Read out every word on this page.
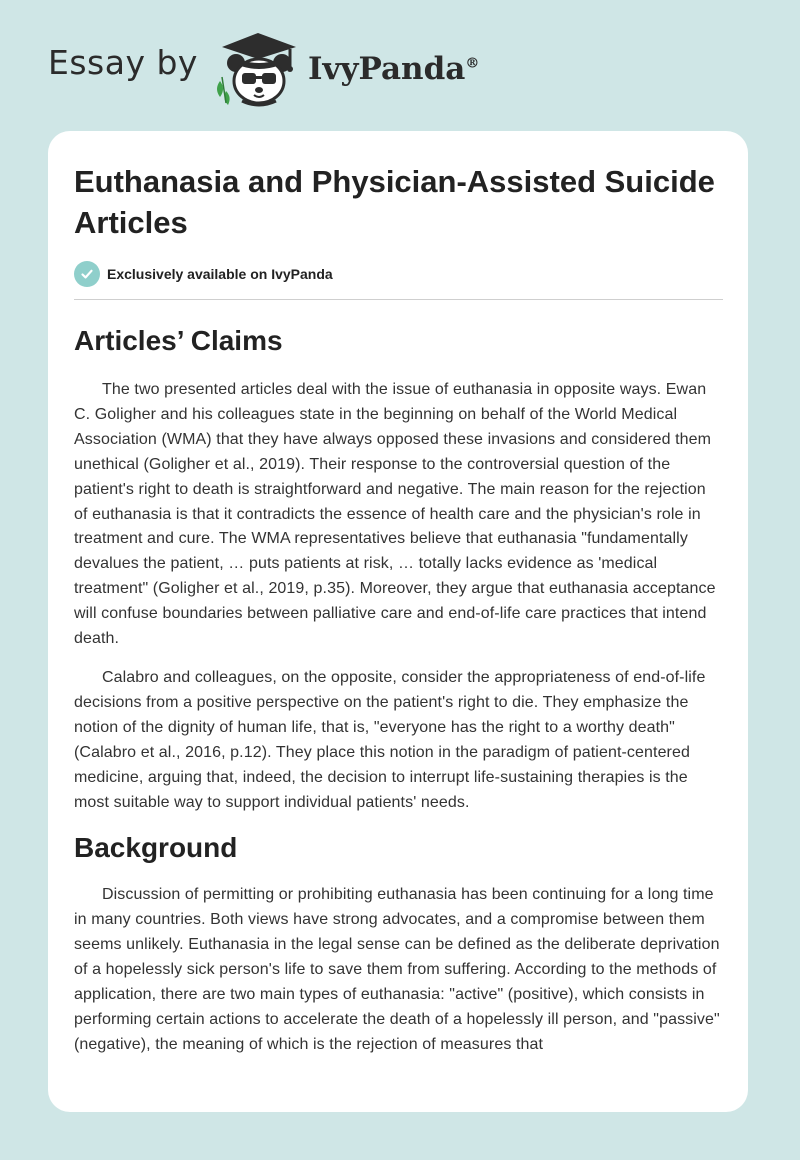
Essay by	IvyPanda®
Euthanasia and Physician-Assisted Suicide Articles
Exclusively available on IvyPanda
Articles’ Claims

The two presented articles deal with the issue of euthanasia in opposite ways. Ewan C. Goligher and his colleagues state in the beginning on behalf of the World Medical Association (WMA) that they have always opposed these invasions and considered them unethical (Goligher et al., 2019). Their response to the controversial question of the patient's right to death is straightforward and negative. The main reason for the rejection of euthanasia is that it contradicts the essence of health care and the physician's role in treatment and cure. The WMA representatives believe that euthanasia "fundamentally devalues the patient, … puts patients at risk, … totally lacks evidence as 'medical treatment" (Goligher et al., 2019, p.35). Moreover, they argue that euthanasia acceptance will confuse boundaries between palliative care and end-of-life care practices that intend death.

Calabro and colleagues, on the opposite, consider the appropriateness of end-of-life decisions from a positive perspective on the patient's right to die. They emphasize the notion of the dignity of human life, that is, "everyone has the right to a worthy death" (Calabro et al., 2016, p.12). They place this notion in the paradigm of patient-centered medicine, arguing that, indeed, the decision to interrupt life-sustaining therapies is the most suitable way to support individual patients' needs.

Background

Discussion of permitting or prohibiting euthanasia has been continuing for a long time in many countries. Both views have strong advocates, and a compromise between them seems unlikely. Euthanasia in the legal sense can be defined as the deliberate deprivation of a hopelessly sick person's life to save them from suffering. According to the methods of application, there are two main types of euthanasia: "active" (positive), which consists in performing certain actions to accelerate the death of a hopelessly ill person, and "passive" (negative), the meaning of which is the rejection of measures that
